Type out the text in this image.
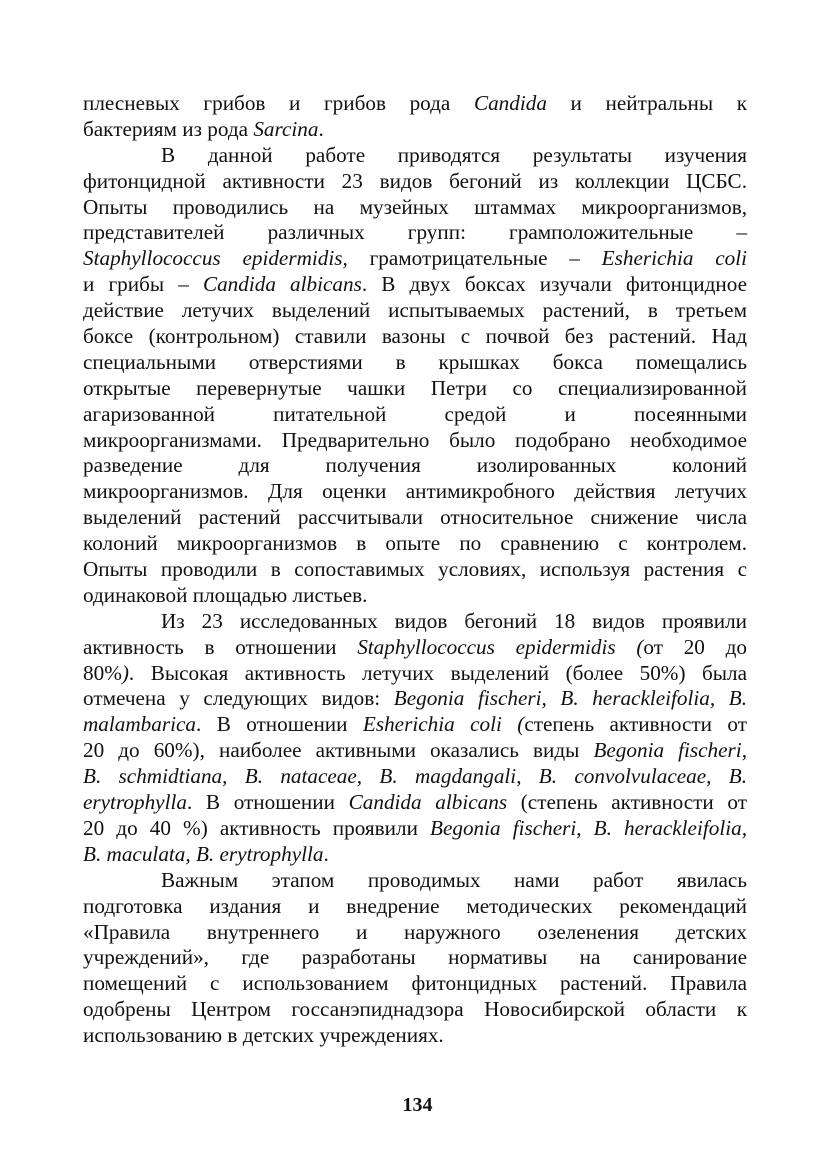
плесневых грибов и грибов рода Candida и нейтральны к
бактериям из рода Sarcina.
В данной работе приводятся результаты изучения
фитонцидной активности 23 видов бегоний из коллекции ЦСБС.
Опыты проводились на музейных штаммах микроорганизмов,
представителей различных групп: грамположительные –
Staphyllococcus epidermidis, грамотрицательные – Esherichia coli
и грибы – Candida albicans. В двух боксах изучали фитонцидное
действие летучих выделений испытываемых растений, в третьем
боксе (контрольном) ставили вазоны с почвой без растений. Над
специальными отверстиями в крышках бокса помещались
открытые перевернутые чашки Петри со специализированной
агаризованной питательной средой и посеянными
микроорганизмами. Предварительно было подобрано необходимое
разведение для получения изолированных колоний
микроорганизмов. Для оценки антимикробного действия летучих
выделений растений рассчитывали относительное снижение числа
колоний микроорганизмов в опыте по сравнению с контролем.
Опыты проводили в сопоставимых условиях, используя растения с
одинаковой площадью листьев.
Из 23 исследованных видов бегоний 18 видов проявили
активность в отношении Staphyllococcus epidermidis (от 20 до
80%). Высокая активность летучих выделений (более 50%) была
отмечена у следующих видов: Begonia fischeri, B. herackleifolia, B.
malambarica. В отношении Esherichia coli (степень активности от
20 до 60%), наиболее активными оказались виды Begonia fischeri,
B. schmidtiana, B. nataceae, B. magdangali, B. convolvulaceae, B.
erytrophylla. В отношении Candida albicans (степень активности от
20 до 40 %) активность проявили Begonia fischeri, B. herackleifolia,
B. maculata, B. erytrophylla.
Важным этапом проводимых нами работ явилась
подготовка издания и внедрение методических рекомендаций
«Правила внутреннего и наружного озеленения детских
учреждений», где разработаны нормативы на санирование
помещений с использованием фитонцидных растений. Правила
одобрены Центром госсанэпиднадзора Новосибирской области к
использованию в детских учреждениях.
134
